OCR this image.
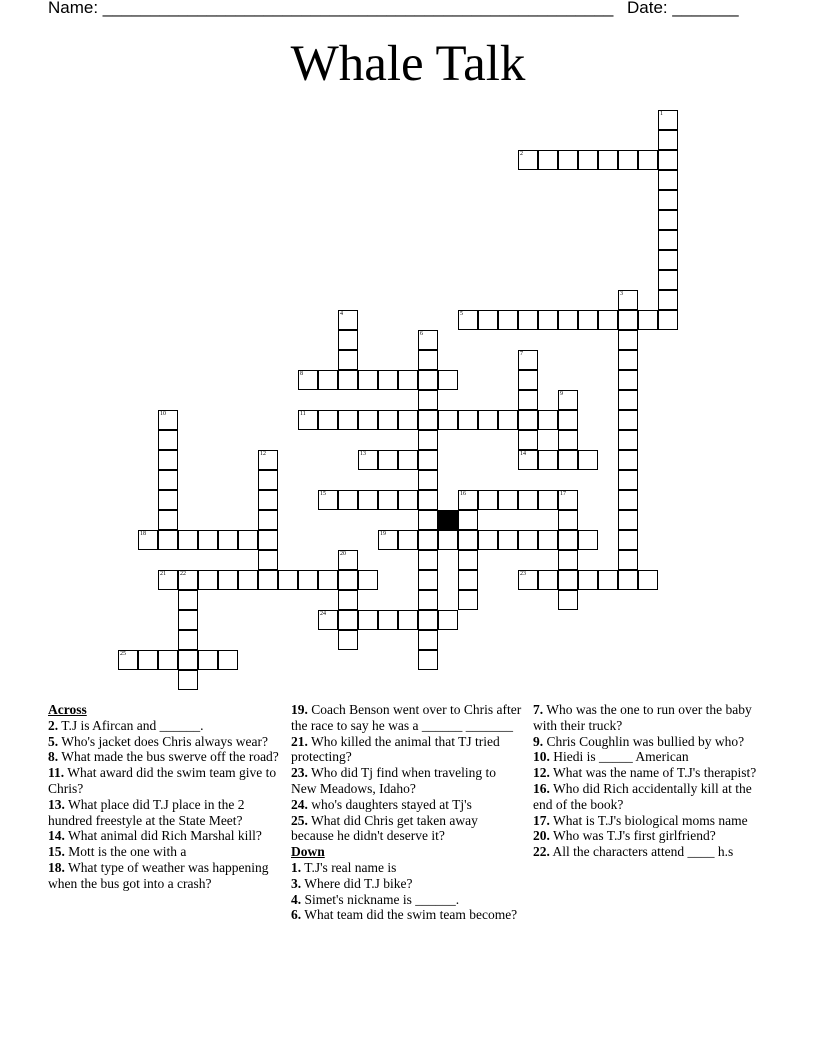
Name: ______________________________________________________ Date: _______
Whale Talk
1
2
3
4	5
6
7
8
9
10	11
12	13	14
15	16	17
18	19
20
21 22	23
24
25
Across
2. T.J is Afircan and ______.
5. Who's jacket does Chris always wear?
8. What made the bus swerve off the road?
11. What award did the swim team give to Chris?
13. What place did T.J place in the 2 hundred freestyle at the State Meet?
14. What animal did Rich Marshal kill?
15. Mott is the one with a
18. What type of weather was happening when the bus got into a crash?
19. Coach Benson went over to Chris after the race to say he was a ______ _______
21. Who killed the animal that TJ tried protecting?
23. Who did Tj find when traveling to New Meadows, Idaho?
24. who's daughters stayed at Tj's
25. What did Chris get taken away because he didn't deserve it?
Down
1. T.J's real name is
3. Where did T.J bike?
4. Simet's nickname is ______.
6. What team did the swim team become?
7. Who was the one to run over the baby with their truck?
9. Chris Coughlin was bullied by who?
10. Hiedi is _____ American
12. What was the name of T.J's therapist?
16. Who did Rich accidentally kill at the end of the book?
17. What is T.J's biological moms name
20. Who was T.J's first girlfriend?
22. All the characters attend ____ h.s
